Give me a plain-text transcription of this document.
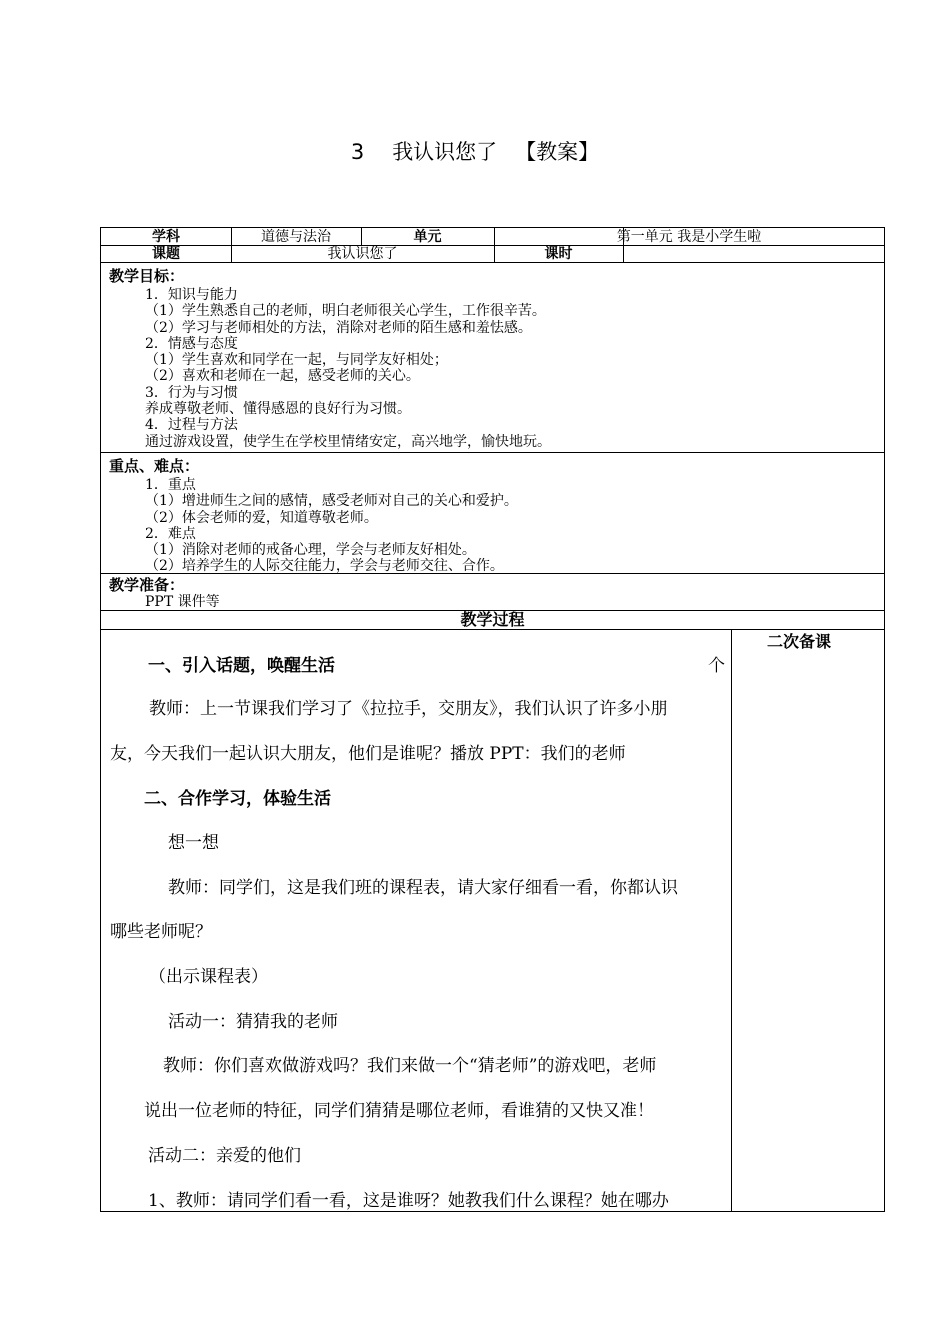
3 我认识您了 【教案】
学科	道德与法治	单元	第一单元 我是小学生啦
课题	我认识您了	课时
教学目标：
1．知识与能力
（1）学生熟悉自己的老师，明白老师很关心学生，工作很辛苦。
（2）学习与老师相处的方法，消除对老师的陌生感和羞怯感。
2．情感与态度
（1）学生喜欢和同学在一起，与同学友好相处；
（2）喜欢和老师在一起，感受老师的关心。
3．行为与习惯
养成尊敬老师、懂得感恩的良好行为习惯。
4．过程与方法
通过游戏设置，使学生在学校里情绪安定，高兴地学，愉快地玩。
重点、难点：
1．重点
（1）增进师生之间的感情，感受老师对自己的关心和爱护。
（2）体会老师的爱，知道尊敬老师。
2．难点
（1）消除对老师的戒备心理，学会与老师友好相处。
（2）培养学生的人际交往能力，学会与老师交往、合作。
教学准备：
PPT 课件等
教学过程
二次备课
一、引入话题，唤醒生活	个
教师：上一节课我们学习了《拉拉手，交朋友》，我们认识了许多小朋
友，今天我们一起认识大朋友，他们是谁呢？播放 PPT：我们的老师
二、合作学习，体验生活
想一想
教师：同学们，这是我们班的课程表，请大家仔细看一看，你都认识
哪些老师呢？
（出示课程表）
活动一：猜猜我的老师
教师：你们喜欢做游戏吗？我们来做一个“猜老师”的游戏吧，老师
说出一位老师的特征，同学们猜猜是哪位老师，看谁猜的又快又准！
活动二：亲爱的他们
1、教师：请同学们看一看，这是谁呀？她教我们什么课程？她在哪办
